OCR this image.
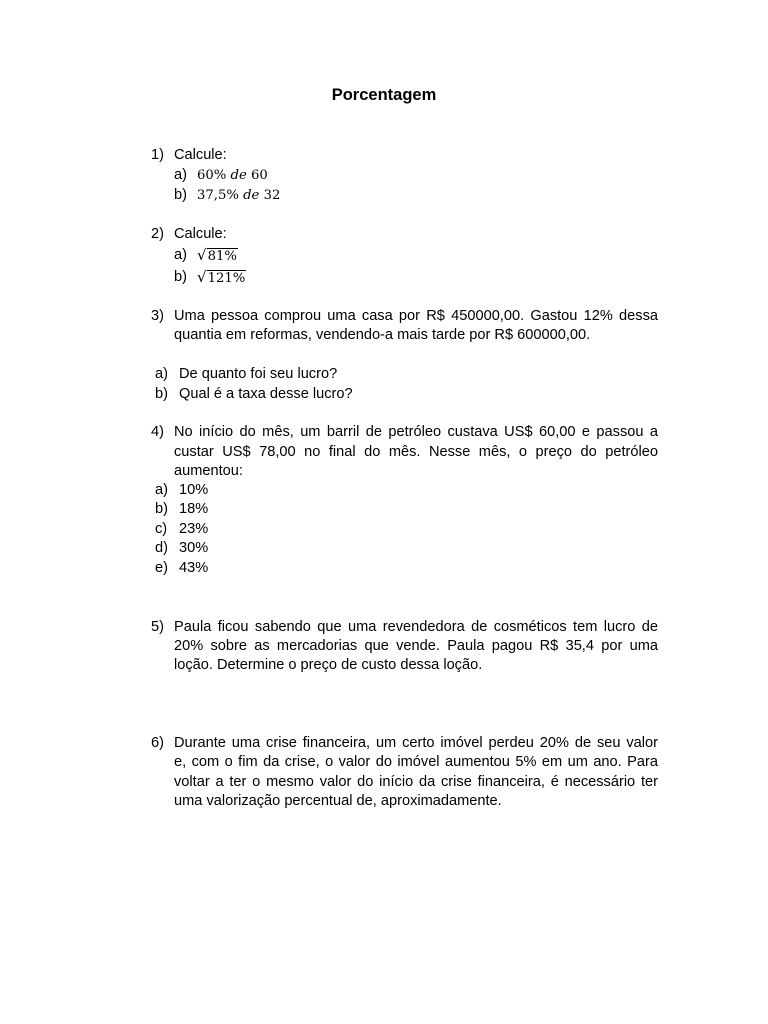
Porcentagem
1) Calcule:
a) 60% de 60
b) 37,5% de 32
2) Calcule:
a) √81%
b) √121%
3) Uma pessoa comprou uma casa por R$ 450000,00. Gastou 12% dessa
quantia em reformas, vendendo-a mais tarde por R$ 600000,00.
a) De quanto foi seu lucro?
b) Qual é a taxa desse lucro?
4) No início do mês, um barril de petróleo custava US$ 60,00 e passou a
custar US$ 78,00 no final do mês. Nesse mês, o preço do petróleo
aumentou:
a) 10%
b) 18%
c) 23%
d) 30%
e) 43%
5) Paula ficou sabendo que uma revendedora de cosméticos tem lucro de
20% sobre as mercadorias que vende. Paula pagou R$ 35,4 por uma
loção. Determine o preço de custo dessa loção.
6) Durante uma crise financeira, um certo imóvel perdeu 20% de seu valor
e, com o fim da crise, o valor do imóvel aumentou 5% em um ano. Para
voltar a ter o mesmo valor do início da crise financeira, é necessário ter
uma valorização percentual de, aproximadamente.
